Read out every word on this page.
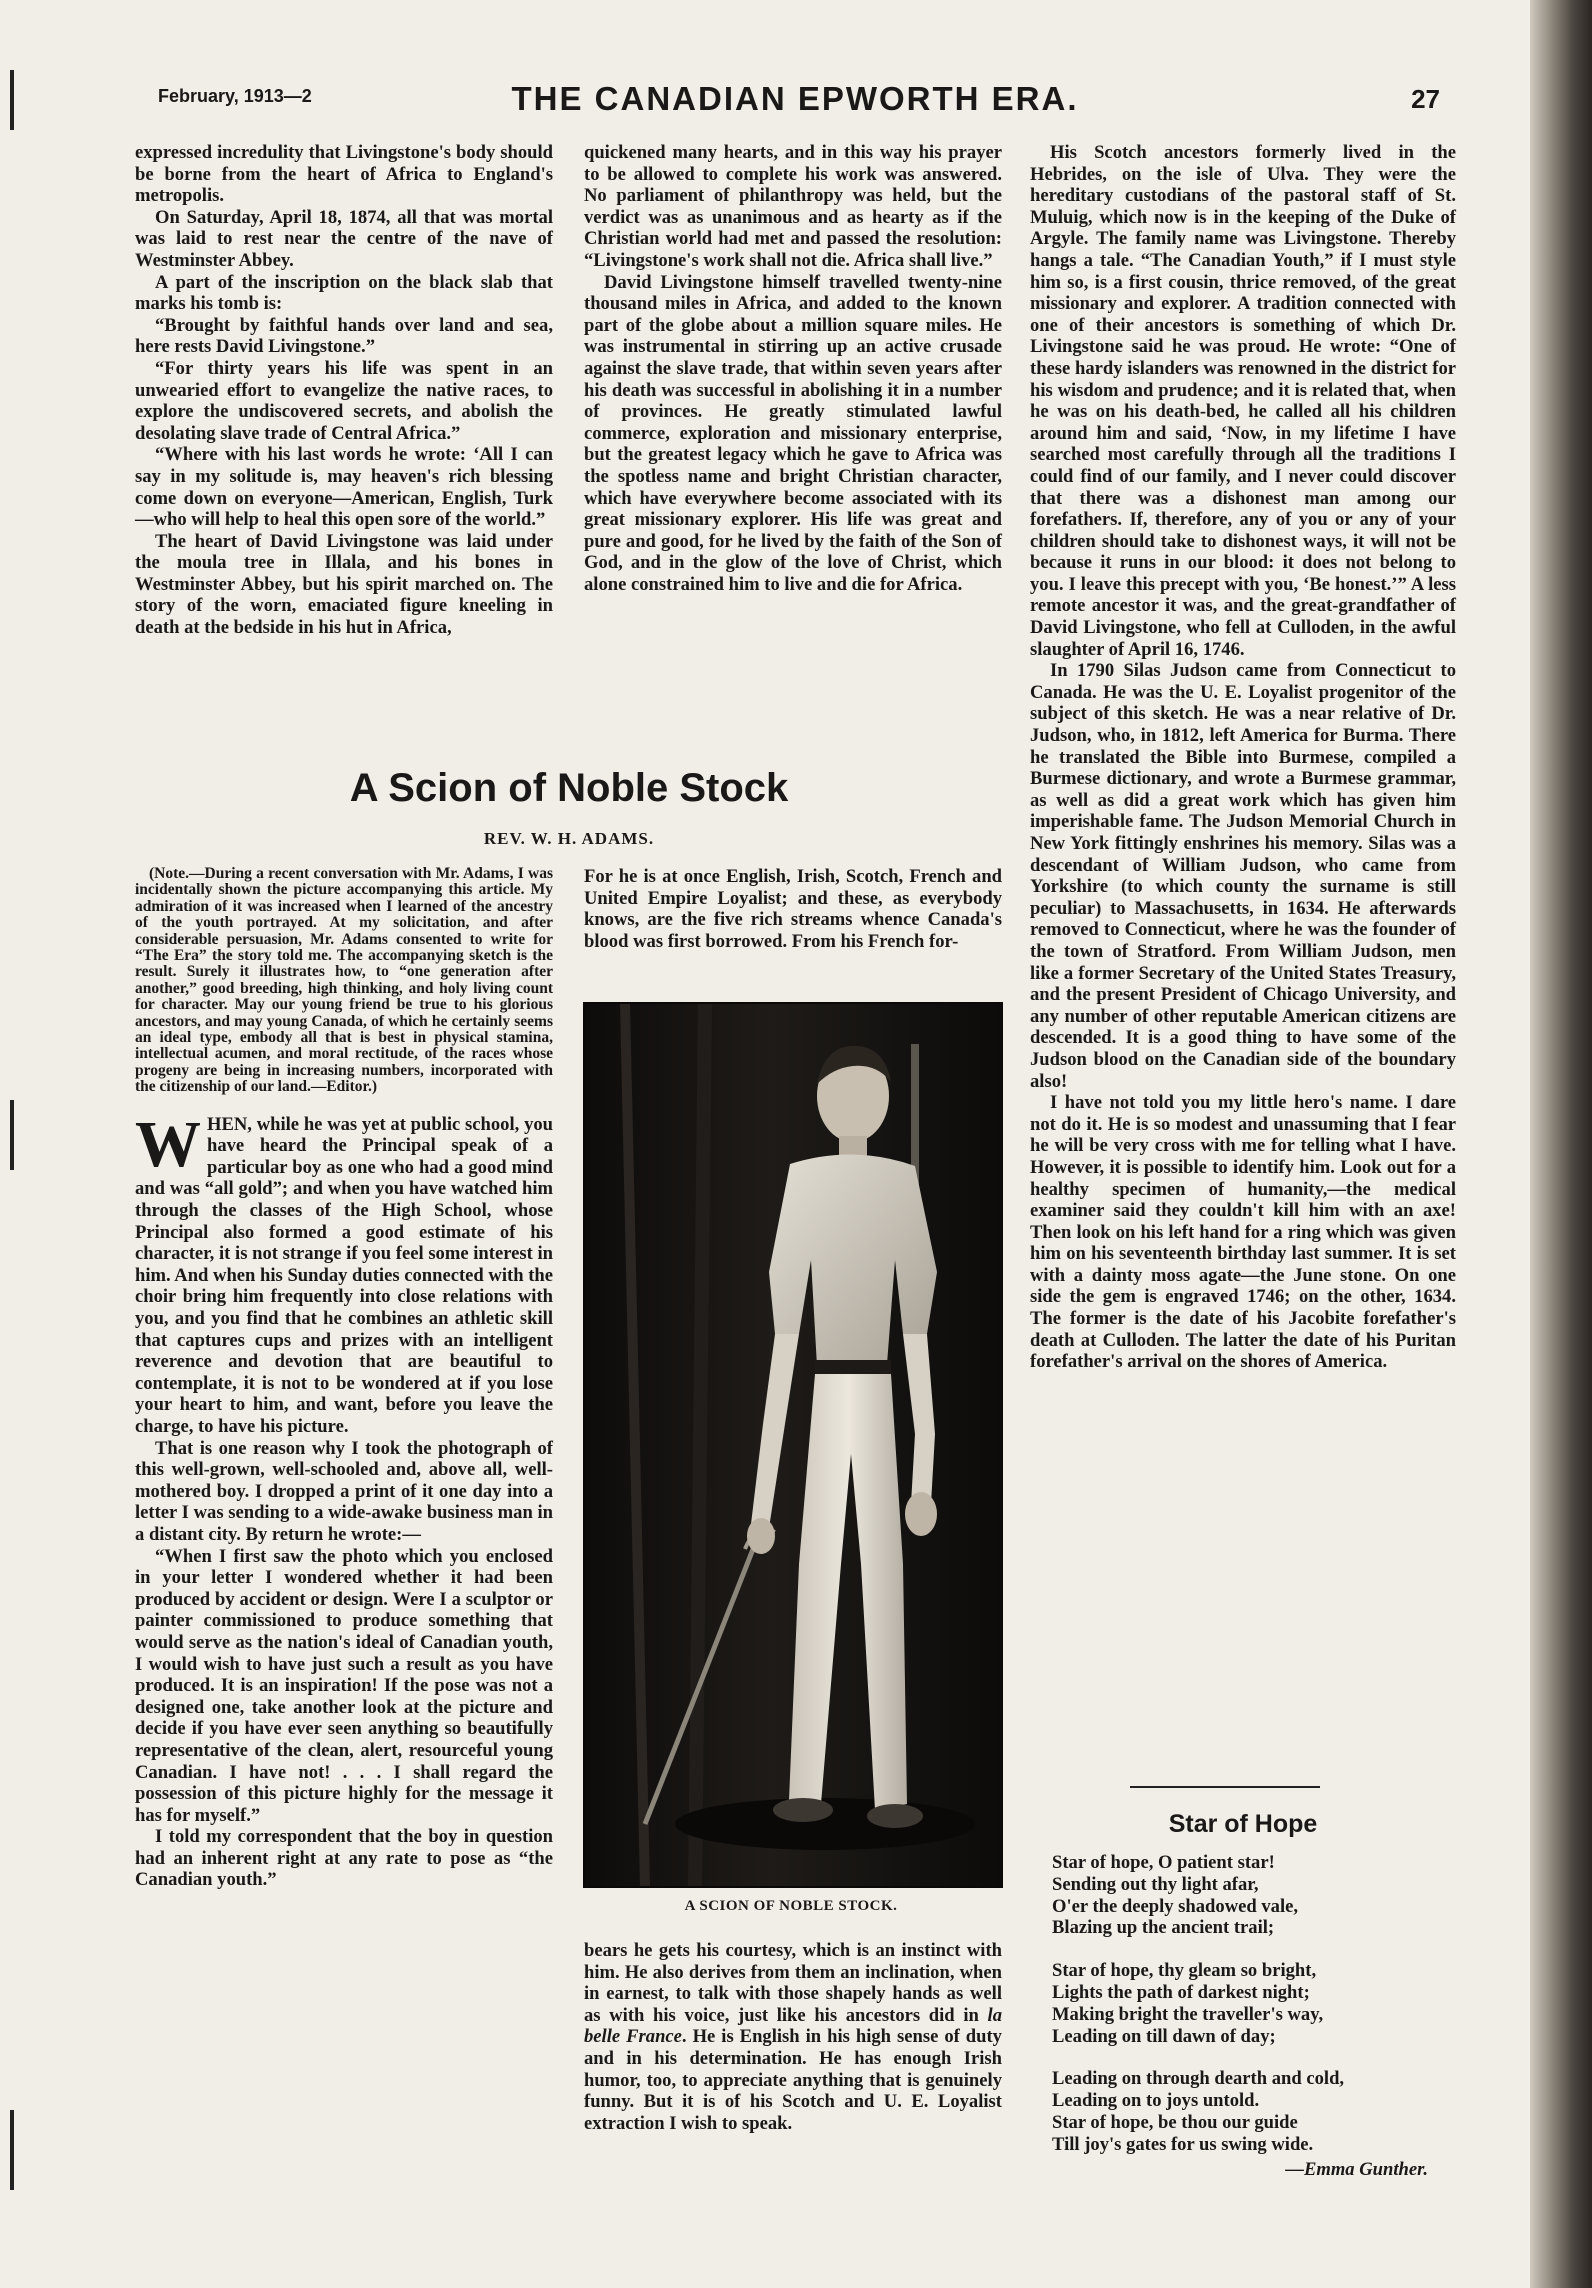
February, 1913—2	THE CANADIAN EPWORTH ERA.	27

expressed incredulity that Livingstone's body should be borne from the heart of Africa to England's metropolis.

On Saturday, April 18, 1874, all that was mortal was laid to rest near the centre of the nave of Westminster Abbey.

A part of the inscription on the black slab that marks his tomb is:

“Brought by faithful hands over land and sea, here rests David Livingstone.”

“For thirty years his life was spent in an unwearied effort to evangelize the native races, to explore the undiscovered secrets, and abolish the desolating slave trade of Central Africa.”

“Where with his last words he wrote: ‘All I can say in my solitude is, may heaven's rich blessing come down on everyone—American, English, Turk—who will help to heal this open sore of the world.”

The heart of David Livingstone was laid under the moula tree in Illala, and his bones in Westminster Abbey, but his spirit marched on. The story of the worn, emaciated figure kneeling in death at the bedside in his hut in Africa,

quickened many hearts, and in this way his prayer to be allowed to complete his work was answered. No parliament of philanthropy was held, but the verdict was as unanimous and as hearty as if the Christian world had met and passed the resolution: “Livingstone's work shall not die. Africa shall live.”

David Livingstone himself travelled twenty-nine thousand miles in Africa, and added to the known part of the globe about a million square miles. He was instrumental in stirring up an active crusade against the slave trade, that within seven years after his death was successful in abolishing it in a number of provinces. He greatly stimulated lawful commerce, exploration and missionary enterprise, but the greatest legacy which he gave to Africa was the spotless name and bright Christian character, which have everywhere become associated with its great missionary explorer. His life was great and pure and good, for he lived by the faith of the Son of God, and in the glow of the love of Christ, which alone constrained him to live and die for Africa.

A Scion of Noble Stock
REV. W. H. ADAMS.

(Note.—During a recent conversation with Mr. Adams, I was incidentally shown the picture accompanying this article. My admiration of it was increased when I learned of the ancestry of the youth portrayed. At my solicitation, and after considerable persuasion, Mr. Adams consented to write for “The Era” the story told me. The accompanying sketch is the result. Surely it illustrates how, to “one generation after another,” good breeding, high thinking, and holy living count for character. May our young friend be true to his glorious ancestors, and may young Canada, of which he certainly seems an ideal type, embody all that is best in physical stamina, intellectual acumen, and moral rectitude, of the races whose progeny are being in increasing numbers, incorporated with the citizenship of our land.—Editor.)

W HEN, while he was yet at public school, you have heard the Principal speak of a particular boy as one who had a good mind and was “all gold”; and when you have watched him through the classes of the High School, whose Principal also formed a good estimate of his character, it is not strange if you feel some interest in him. And when his Sunday duties connected with the choir bring him frequently into close relations with you, and you find that he combines an athletic skill that captures cups and prizes with an intelligent reverence and devotion that are beautiful to contemplate, it is not to be wondered at if you lose your heart to him, and want, before you leave the charge, to have his picture.

That is one reason why I took the photograph of this well-grown, well-schooled and, above all, well-mothered boy. I dropped a print of it one day into a letter I was sending to a wide-awake business man in a distant city. By return he wrote:—

“When I first saw the photo which you enclosed in your letter I wondered whether it had been produced by accident or design. Were I a sculptor or painter commissioned to produce something that would serve as the nation's ideal of Canadian youth, I would wish to have just such a result as you have produced. It is an inspiration! If the pose was not a designed one, take another look at the picture and decide if you have ever seen anything so beautifully representative of the clean, alert, resourceful young Canadian. I have not! . . . I shall regard the possession of this picture highly for the message it has for myself.”

I told my correspondent that the boy in question had an inherent right at any rate to pose as “the Canadian youth.”

For he is at once English, Irish, Scotch, French and United Empire Loyalist; and these, as everybody knows, are the five rich streams whence Canada's blood was first borrowed. From his French for-

A SCION OF NOBLE STOCK.

bears he gets his courtesy, which is an instinct with him. He also derives from them an inclination, when in earnest, to talk with those shapely hands as well as with his voice, just like his ancestors did in la belle France. He is English in his high sense of duty and in his determination. He has enough Irish humor, too, to appreciate anything that is genuinely funny. But it is of his Scotch and U. E. Loyalist extraction I wish to speak.

His Scotch ancestors formerly lived in the Hebrides, on the isle of Ulva. They were the hereditary custodians of the pastoral staff of St. Muluig, which now is in the keeping of the Duke of Argyle. The family name was Livingstone. Thereby hangs a tale. “The Canadian Youth,” if I must style him so, is a first cousin, thrice removed, of the great missionary and explorer. A tradition connected with one of their ancestors is something of which Dr. Livingstone said he was proud. He wrote: “One of these hardy islanders was renowned in the district for his wisdom and prudence; and it is related that, when he was on his death-bed, he called all his children around him and said, ‘Now, in my lifetime I have searched most carefully through all the traditions I could find of our family, and I never could discover that there was a dishonest man among our forefathers. If, therefore, any of you or any of your children should take to dishonest ways, it will not be because it runs in our blood: it does not belong to you. I leave this precept with you, ‘Be honest.’” A less remote ancestor it was, and the great-grandfather of David Livingstone, who fell at Culloden, in the awful slaughter of April 16, 1746.

In 1790 Silas Judson came from Connecticut to Canada. He was the U. E. Loyalist progenitor of the subject of this sketch. He was a near relative of Dr. Judson, who, in 1812, left America for Burma. There he translated the Bible into Burmese, compiled a Burmese dictionary, and wrote a Burmese grammar, as well as did a great work which has given him imperishable fame. The Judson Memorial Church in New York fittingly enshrines his memory. Silas was a descendant of William Judson, who came from Yorkshire (to which county the surname is still peculiar) to Massachusetts, in 1634. He afterwards removed to Connecticut, where he was the founder of the town of Stratford. From William Judson, men like a former Secretary of the United States Treasury, and the present President of Chicago University, and any number of other reputable American citizens are descended. It is a good thing to have some of the Judson blood on the Canadian side of the boundary also!

I have not told you my little hero's name. I dare not do it. He is so modest and unassuming that I fear he will be very cross with me for telling what I have. However, it is possible to identify him. Look out for a healthy specimen of humanity,—the medical examiner said they couldn't kill him with an axe! Then look on his left hand for a ring which was given him on his seventeenth birthday last summer. It is set with a dainty moss agate—the June stone. On one side the gem is engraved 1746; on the other, 1634. The former is the date of his Jacobite forefather's death at Culloden. The latter the date of his Puritan forefather's arrival on the shores of America.

Star of Hope
Star of hope, O patient star!
Sending out thy light afar,
O'er the deeply shadowed vale,
Blazing up the ancient trail;
Star of hope, thy gleam so bright,
Lights the path of darkest night;
Making bright the traveller's way,
Leading on till dawn of day;
Leading on through dearth and cold,
Leading on to joys untold.
Star of hope, be thou our guide
Till joy's gates for us swing wide.
—Emma Gunther.
